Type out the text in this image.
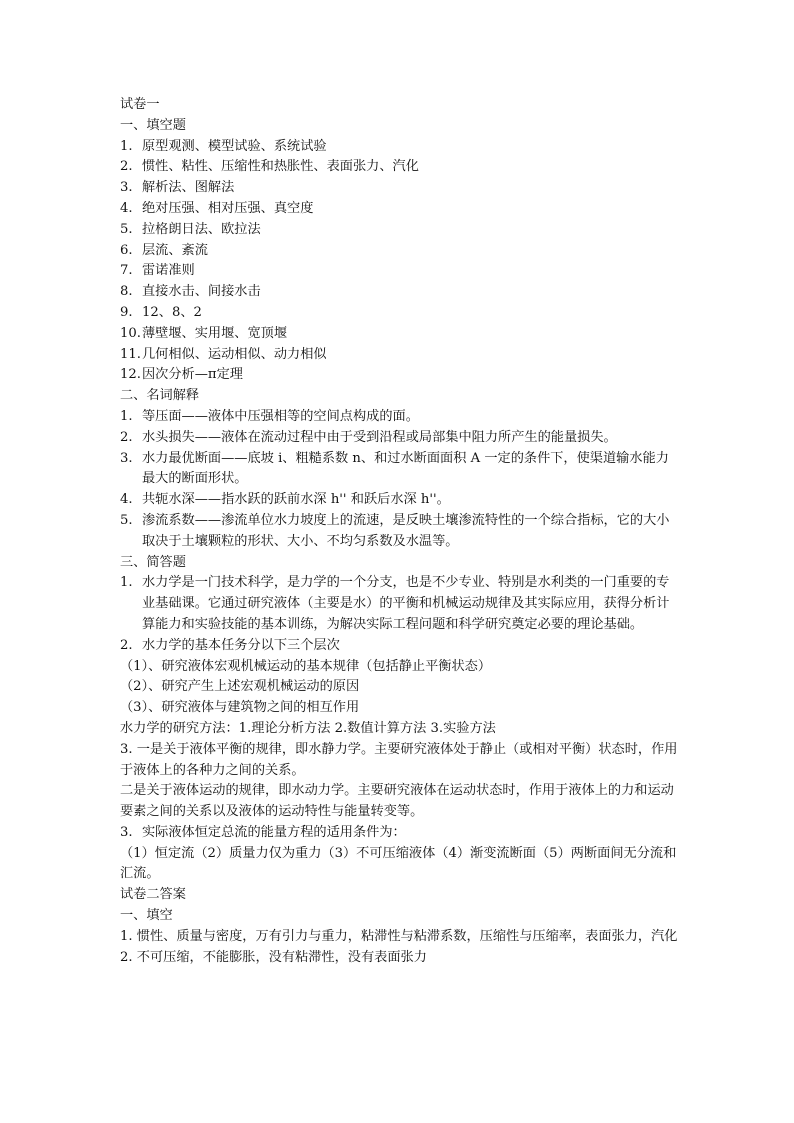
试卷一
一、填空题
1. 原型观测、模型试验、系统试验
2. 惯性、粘性、压缩性和热胀性、表面张力、汽化
3. 解析法、图解法
4. 绝对压强、相对压强、真空度
5. 拉格朗日法、欧拉法
6. 层流、紊流
7. 雷诺准则
8. 直接水击、间接水击
9. 12、8、2
10. 薄壁堰、实用堰、宽顶堰
11. 几何相似、运动相似、动力相似
12. 因次分析—π定理
二、名词解释
1. 等压面——液体中压强相等的空间点构成的面。
2. 水头损失——液体在流动过程中由于受到沿程或局部集中阻力所产生的能量损失。
3. 水力最优断面——底坡 i、粗糙系数 n、和过水断面面积 A 一定的条件下，使渠道输水能力最大的断面形状。
4. 共轭水深——指水跃的跃前水深 h'' 和跃后水深 h''。
5. 渗流系数——渗流单位水力坡度上的流速，是反映土壤渗流特性的一个综合指标，它的大小取决于土壤颗粒的形状、大小、不均匀系数及水温等。
三、简答题
1. 水力学是一门技术科学，是力学的一个分支，也是不少专业、特别是水利类的一门重要的专业基础课。它通过研究液体（主要是水）的平衡和机械运动规律及其实际应用，获得分析计算能力和实验技能的基本训练，为解决实际工程问题和科学研究奠定必要的理论基础。
2. 水力学的基本任务分以下三个层次
（1）、研究液体宏观机械运动的基本规律（包括静止平衡状态）
（2）、研究产生上述宏观机械运动的原因
（3）、研究液体与建筑物之间的相互作用
水力学的研究方法：1.理论分析方法 2.数值计算方法 3.实验方法
3. 一是关于液体平衡的规律，即水静力学。主要研究液体处于静止（或相对平衡）状态时，作用于液体上的各种力之间的关系。
二是关于液体运动的规律，即水动力学。主要研究液体在运动状态时，作用于液体上的力和运动要素之间的关系以及液体的运动特性与能量转变等。
3. 实际液体恒定总流的能量方程的适用条件为：
（1）恒定流（2）质量力仅为重力（3）不可压缩液体（4）渐变流断面（5）两断面间无分流和汇流。
试卷二答案
一、填空
1. 惯性、质量与密度，万有引力与重力，粘滞性与粘滞系数，压缩性与压缩率，表面张力，汽化
2. 不可压缩，不能膨胀，没有粘滞性，没有表面张力
